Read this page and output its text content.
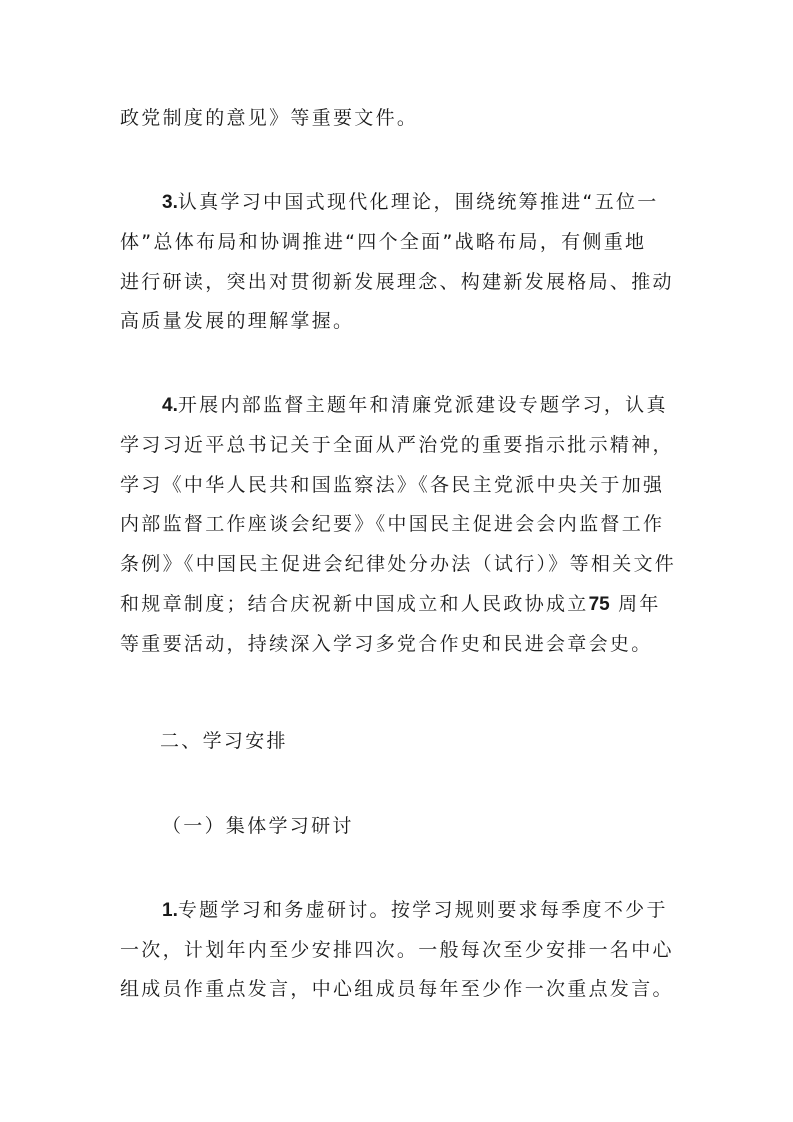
政党制度的意见》等重要文件。
3.认真学习中国式现代化理论，围绕统筹推进“五位一
体”总体布局和协调推进“四个全面”战略布局，有侧重地
进行研读，突出对贯彻新发展理念、构建新发展格局、推动
高质量发展的理解掌握。
4.开展内部监督主题年和清廉党派建设专题学习，认真
学习习近平总书记关于全面从严治党的重要指示批示精神，
学习《中华人民共和国监察法》《各民主党派中央关于加强
内部监督工作座谈会纪要》《中国民主促进会会内监督工作
条例》《中国民主促进会纪律处分办法（试行）》等相关文件
和规章制度；结合庆祝新中国成立和人民政协成立75 周年
等重要活动，持续深入学习多党合作史和民进会章会史。
二、学习安排
（一）集体学习研讨
1.专题学习和务虚研讨。按学习规则要求每季度不少于
一次，计划年内至少安排四次。一般每次至少安排一名中心
组成员作重点发言，中心组成员每年至少作一次重点发言。
